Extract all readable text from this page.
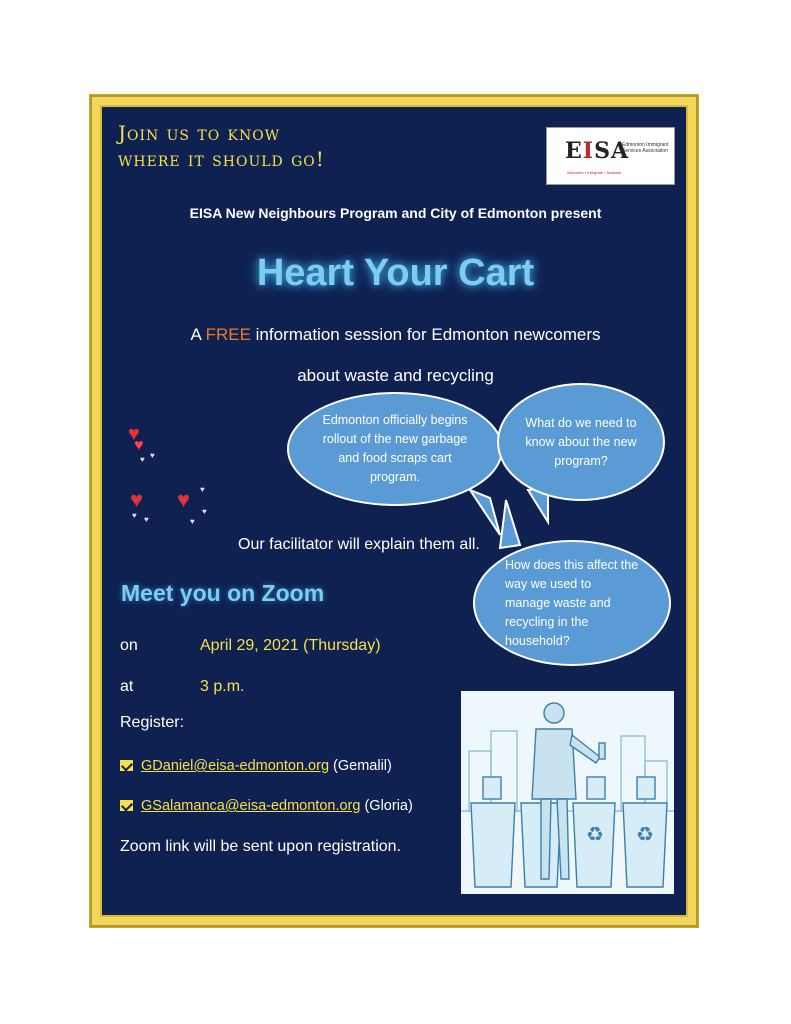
Join us to know
where it should go!	EISA
Edmonton Immigrant Services Association
Welcome • Integrate • Network
EISA New Neighbours Program and City of Edmonton present
Heart Your Cart
A FREE information session for Edmonton newcomers
about waste and recycling
♥
♥
♥
♥
♥
♥ ♥
♥ ♥
♥
♥
Edmonton officially begins rollout of the new garbage and food scraps cart program.
What do we need to know about the new program?
How does this affect the way we used to manage waste and recycling in the household?
Our facilitator will explain them all.
Meet you on Zoom
on	April 29, 2021 (Thursday)
at	3 p.m.
Register:
GDaniel@eisa-edmonton.org (Gemalil)
GSalamanca@eisa-edmonton.org (Gloria)
Zoom link will be sent upon registration.
♻ ♻
